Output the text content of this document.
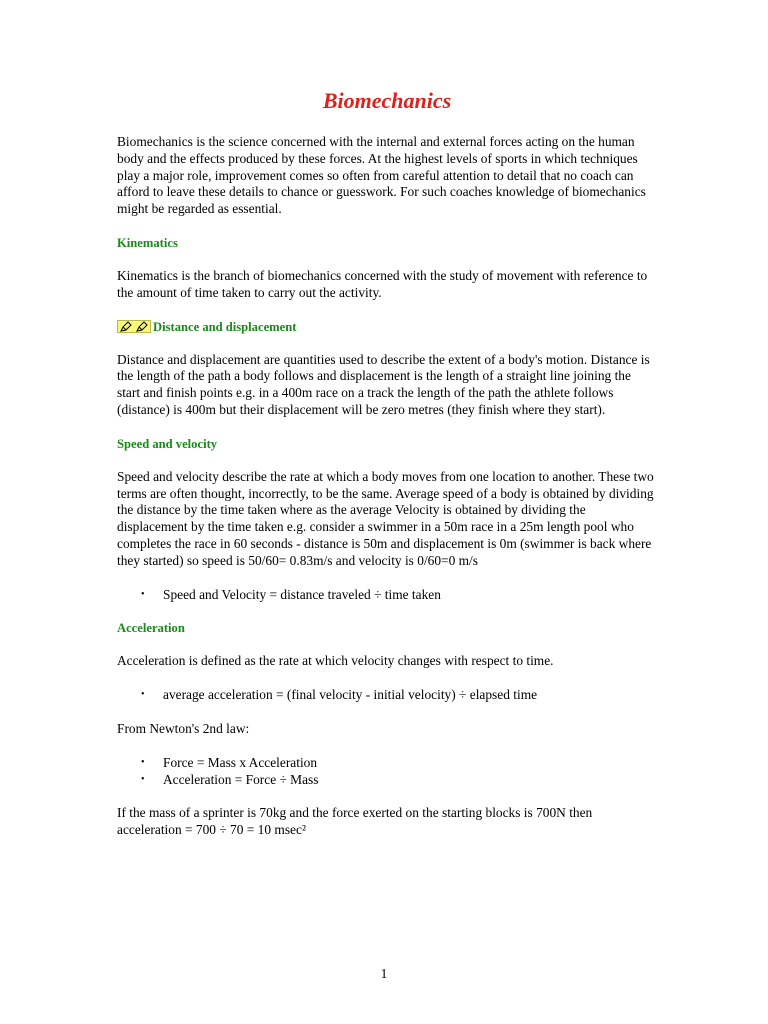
Biomechanics

Biomechanics is the science concerned with the internal and external forces acting on the human body and the effects produced by these forces. At the highest levels of sports in which techniques play a major role, improvement comes so often from careful attention to detail that no coach can afford to leave these details to chance or guesswork. For such coaches knowledge of biomechanics might be regarded as essential.

Kinematics

Kinematics is the branch of biomechanics concerned with the study of movement with reference to the amount of time taken to carry out the activity.

Distance and displacement

Distance and displacement are quantities used to describe the extent of a body's motion. Distance is the length of the path a body follows and displacement is the length of a straight line joining the start and finish points e.g. in a 400m race on a track the length of the path the athlete follows (distance) is 400m but their displacement will be zero metres (they finish where they start).

Speed and velocity

Speed and velocity describe the rate at which a body moves from one location to another. These two terms are often thought, incorrectly, to be the same. Average speed of a body is obtained by dividing the distance by the time taken where as the average Velocity is obtained by dividing the displacement by the time taken e.g. consider a swimmer in a 50m race in a 25m length pool who completes the race in 60 seconds - distance is 50m and displacement is 0m (swimmer is back where they started) so speed is 50/60= 0.83m/s and velocity is 0/60=0 m/s

• Speed and Velocity = distance traveled ÷ time taken
Acceleration

Acceleration is defined as the rate at which velocity changes with respect to time.

• average acceleration = (final velocity - initial velocity) ÷ elapsed time

From Newton's 2nd law:

• Force = Mass x Acceleration
• Acceleration = Force ÷ Mass

If the mass of a sprinter is 70kg and the force exerted on the starting blocks is 700N then acceleration = 700 ÷ 70 = 10 msec²

1
